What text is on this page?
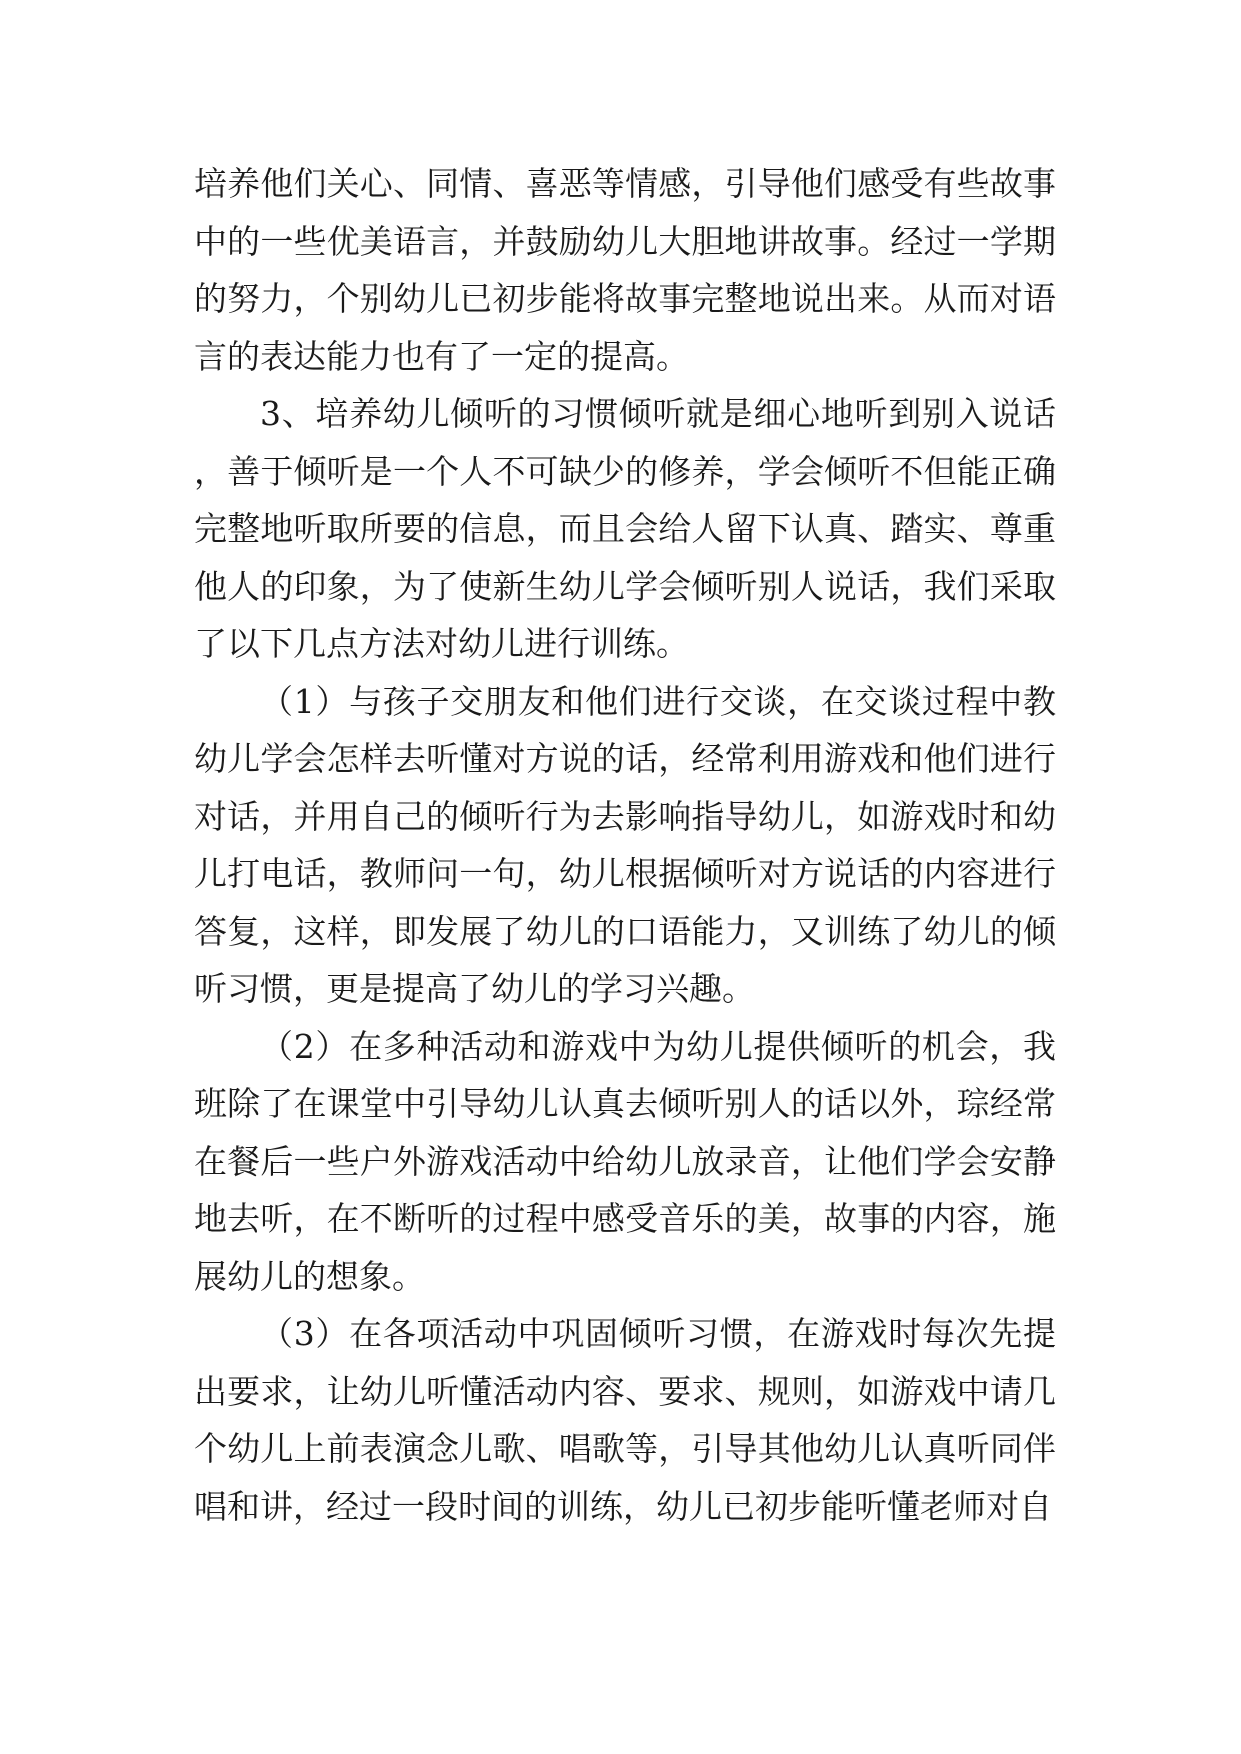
培养他们关心、同情、喜恶等情感，引导他们感受有些故事中的一些优美语言，并鼓励幼儿大胆地讲故事。经过一学期的努力，个别幼儿已初步能将故事完整地说出来。从而对语言的表达能力也有了一定的提高。

3、培养幼儿倾听的习惯倾听就是细心地听到别入说话，善于倾听是一个人不可缺少的修养，学会倾听不但能正确完整地听取所要的信息，而且会给人留下认真、踏实、尊重他人的印象，为了使新生幼儿学会倾听别人说话，我们采取了以下几点方法对幼儿进行训练。

（1）与孩子交朋友和他们进行交谈，在交谈过程中教幼儿学会怎样去听懂对方说的话，经常利用游戏和他们进行对话，并用自己的倾听行为去影响指导幼儿，如游戏时和幼儿打电话，教师问一句，幼儿根据倾听对方说话的内容进行答复，这样，即发展了幼儿的口语能力，又训练了幼儿的倾听习惯，更是提高了幼儿的学习兴趣。

（2）在多种活动和游戏中为幼儿提供倾听的机会，我班除了在课堂中引导幼儿认真去倾听别人的话以外，琮经常在餐后一些户外游戏活动中给幼儿放录音，让他们学会安静地去听，在不断听的过程中感受音乐的美，故事的内容，施展幼儿的想象。

（3）在各项活动中巩固倾听习惯，在游戏时每次先提出要求，让幼儿听懂活动内容、要求、规则，如游戏中请几个幼儿上前表演念儿歌、唱歌等，引导其他幼儿认真听同伴唱和讲，经过一段时间的训练，幼儿已初步能听懂老师对自
